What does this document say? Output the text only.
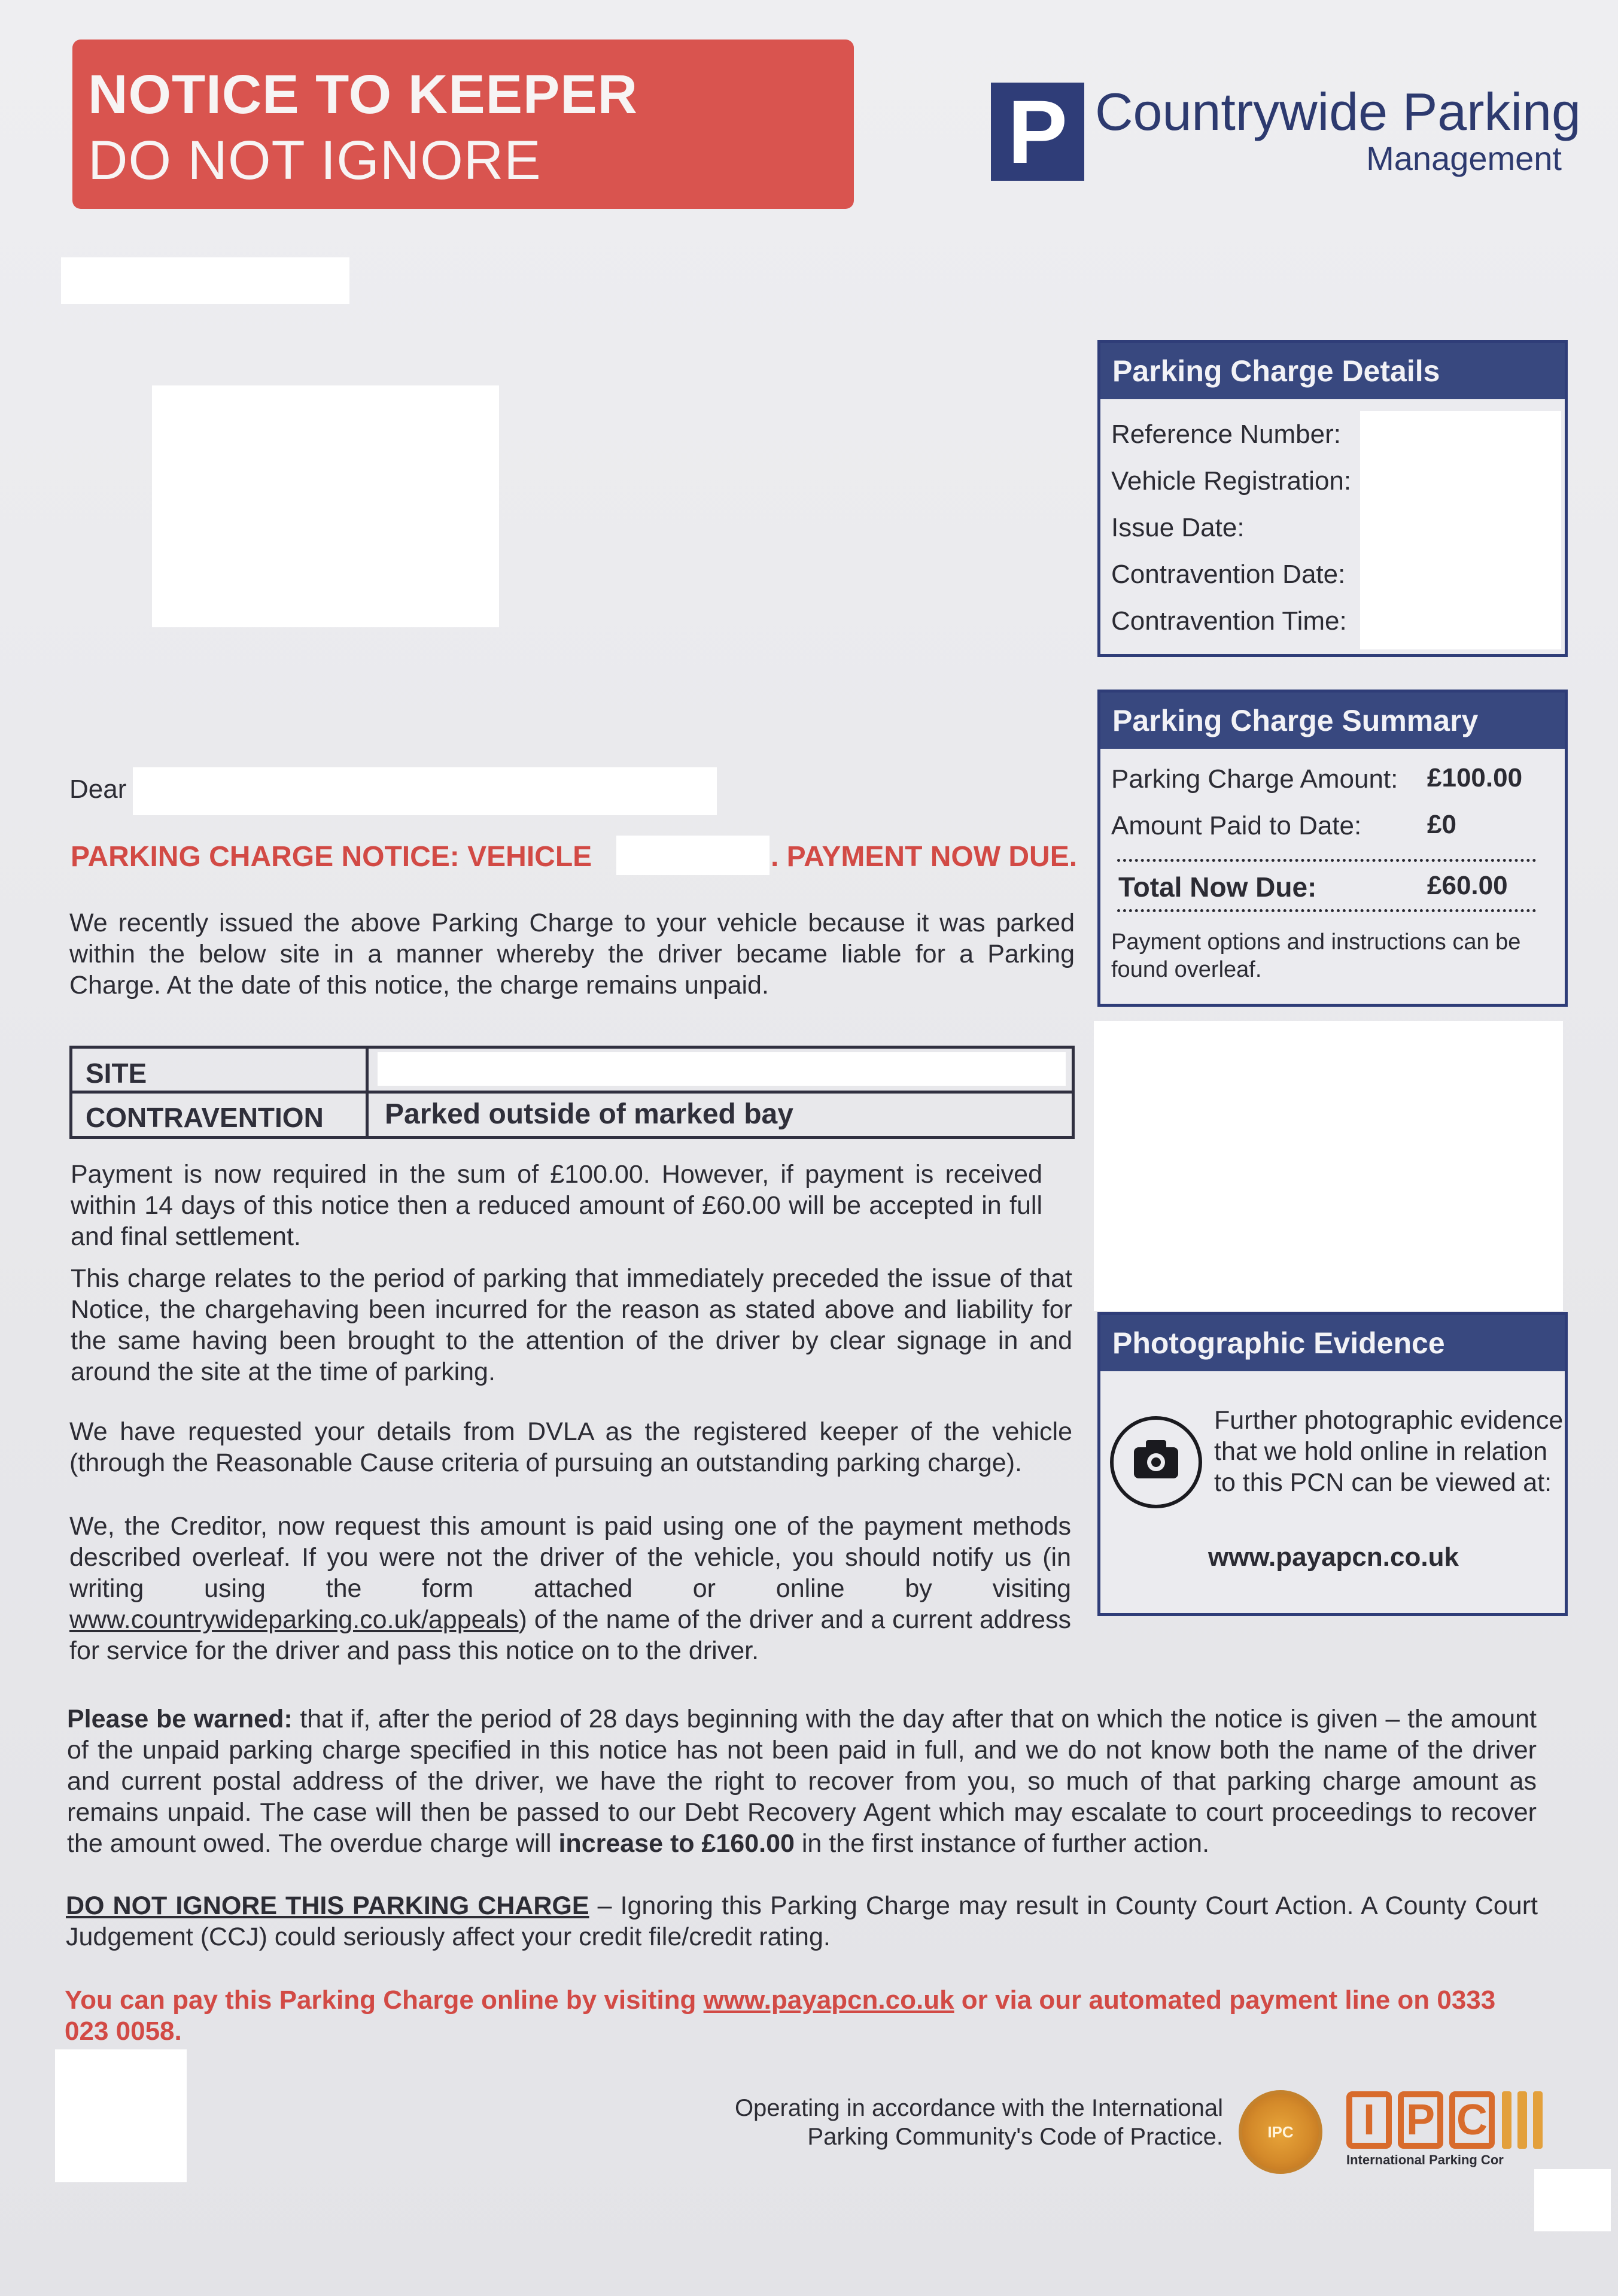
NOTICE TO KEEPER
DO NOT IGNORE	P Countrywide Parking
Management
Parking Charge Details
Reference Number:
Vehicle Registration:
Issue Date:
Contravention Date:
Contravention Time:
Parking Charge Summary
Parking Charge Amount: £100.00
Amount Paid to Date: £0
Total Now Due:	£60.00
Payment options and instructions can be found overleaf.
Photographic Evidence
Further photographic evidence that we hold online in relation to this PCN can be viewed at:
www.payapcn.co.uk
Dear
PARKING CHARGE NOTICE: VEHICLE	. PAYMENT NOW DUE.
We recently issued the above Parking Charge to your vehicle because it was parked within the below site in a manner whereby the driver became liable for a Parking Charge. At the date of this notice, the charge remains unpaid.
SITE
CONTRAVENTION Parked outside of marked bay
Payment is now required in the sum of £100.00. However, if payment is received within 14 days of this notice then a reduced amount of £60.00 will be accepted in full and final settlement.
This charge relates to the period of parking that immediately preceded the issue of that Notice, the chargehaving been incurred for the reason as stated above and liability for the same having been brought to the attention of the driver by clear signage in and around the site at the time of parking.
We have requested your details from DVLA as the registered keeper of the vehicle (through the Reasonable Cause criteria of pursuing an outstanding parking charge).
We, the Creditor, now request this amount is paid using one of the payment methods described overleaf. If you were not the driver of the vehicle, you should notify us (in writing using the form attached or online by visiting www.countrywideparking.co.uk/appeals) of the name of the driver and a current address for service for the driver and pass this notice on to the driver.
Please be warned: that if, after the period of 28 days beginning with the day after that on which the notice is given – the amount of the unpaid parking charge specified in this notice has not been paid in full, and we do not know both the name of the driver and current postal address of the driver, we have the right to recover from you, so much of that parking charge amount as remains unpaid. The case will then be passed to our Debt Recovery Agent which may escalate to court proceedings to recover the amount owed. The overdue charge will increase to £160.00 in the first instance of further action.
DO NOT IGNORE THIS PARKING CHARGE – Ignoring this Parking Charge may result in County Court Action. A County Court Judgement (CCJ) could seriously affect your credit file/credit rating.
You can pay this Parking Charge online by visiting www.payapcn.co.uk or via our automated payment line on 0333 023 0058.
Operating in accordance with the International
Parking Community's Code of Practice.	IPC	I P C
International Parking Cor
